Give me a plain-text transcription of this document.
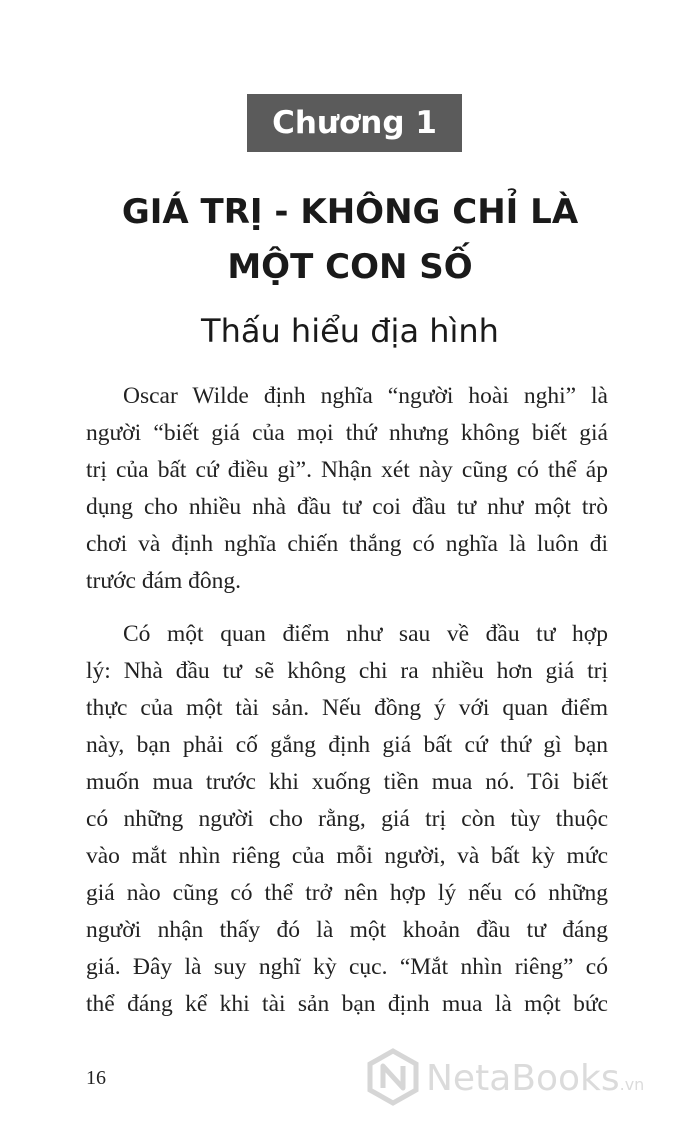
Chương 1
GIÁ TRỊ - KHÔNG CHỈ LÀ
MỘT CON SỐ
Thấu hiểu địa hình
Oscar Wilde định nghĩa “người hoài nghi” là
người “biết giá của mọi thứ nhưng không biết giá
trị của bất cứ điều gì”. Nhận xét này cũng có thể áp
dụng cho nhiều nhà đầu tư coi đầu tư như một trò
chơi và định nghĩa chiến thắng có nghĩa là luôn đi
trước đám đông.
Có một quan điểm như sau về đầu tư hợp
lý: Nhà đầu tư sẽ không chi ra nhiều hơn giá trị
thực của một tài sản. Nếu đồng ý với quan điểm
này, bạn phải cố gắng định giá bất cứ thứ gì bạn
muốn mua trước khi xuống tiền mua nó. Tôi biết
có những người cho rằng, giá trị còn tùy thuộc
vào mắt nhìn riêng của mỗi người, và bất kỳ mức
giá nào cũng có thể trở nên hợp lý nếu có những
người nhận thấy đó là một khoản đầu tư đáng
giá. Đây là suy nghĩ kỳ cục. “Mắt nhìn riêng” có
thể đáng kể khi tài sản bạn định mua là một bức
16	NetaBooks.vn
